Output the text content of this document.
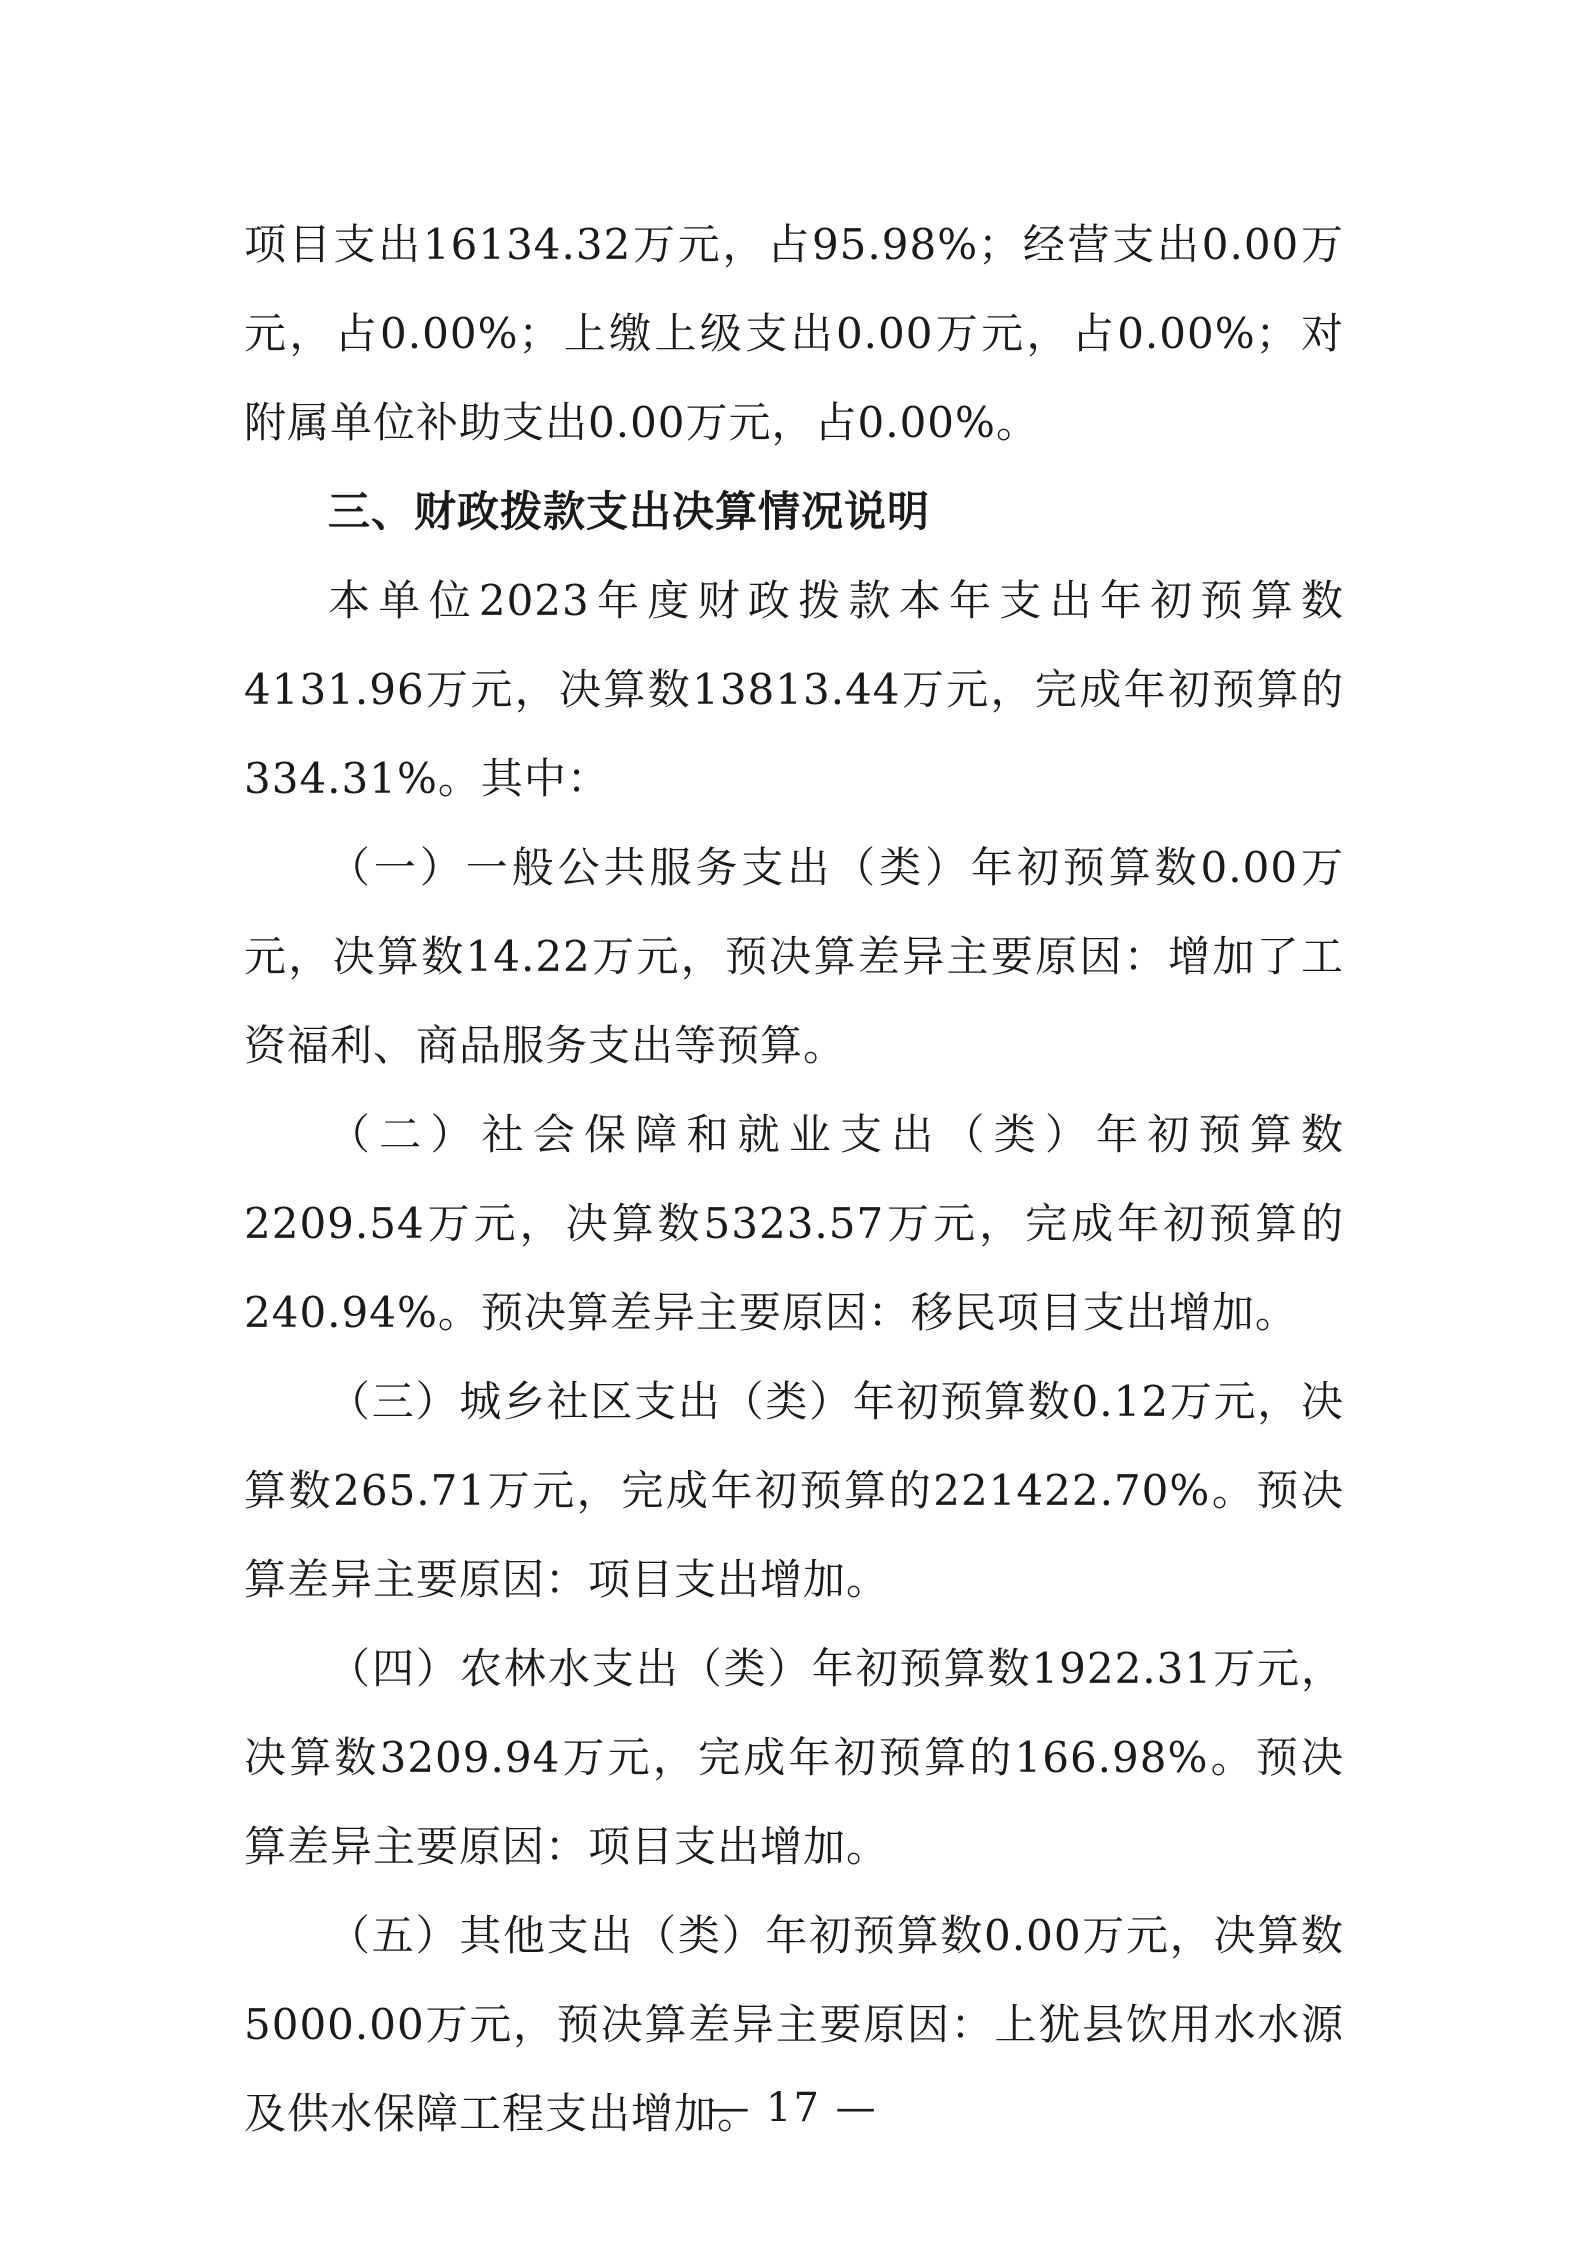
项目支出16134.32万元，占95.98%；经营支出0.00万元，占0.00%；上缴上级支出0.00万元，占0.00%；对附属单位补助支出0.00万元，占0.00%。

三、财政拨款支出决算情况说明

本单位2023年度财政拨款本年支出年初预算数4131.96万元，决算数13813.44万元，完成年初预算的334.31%。其中：

（一）一般公共服务支出（类）年初预算数0.00万元，决算数14.22万元，预决算差异主要原因：增加了工资福利、商品服务支出等预算。

（二）社会保障和就业支出（类）年初预算数2209.54万元，决算数5323.57万元，完成年初预算的240.94%。预决算差异主要原因：移民项目支出增加。

（三）城乡社区支出（类）年初预算数0.12万元，决算数265.71万元，完成年初预算的221422.70%。预决算差异主要原因：项目支出增加。

（四）农林水支出（类）年初预算数1922.31万元，决算数3209.94万元，完成年初预算的166.98%。预决算差异主要原因：项目支出增加。

（五）其他支出（类）年初预算数0.00万元，决算数5000.00万元，预决算差异主要原因：上犹县饮用水水源及供水保障工程支出增加。

— 17 —
